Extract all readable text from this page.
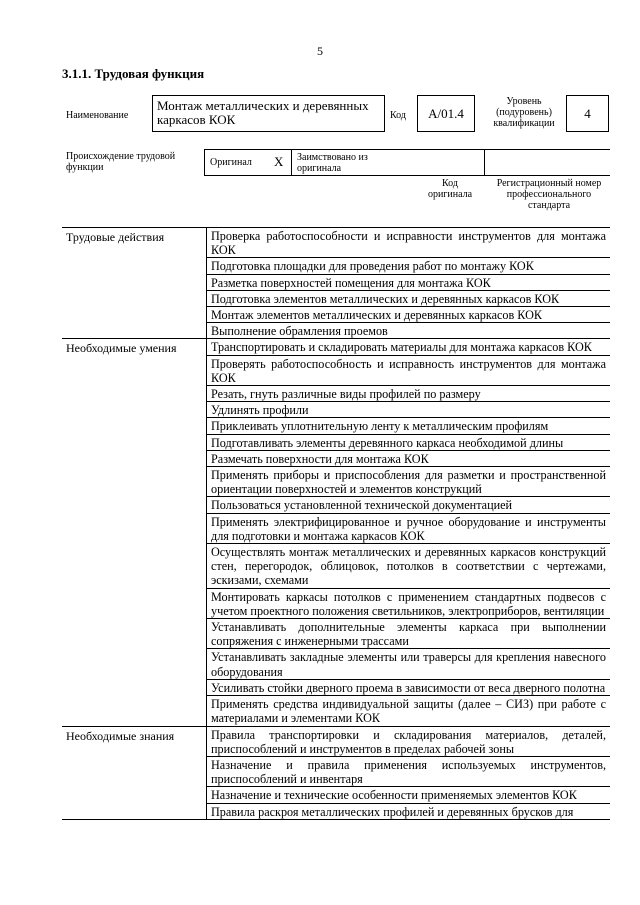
5
3.1.1. Трудовая функция
Наименование
Монтаж металлических и деревянных каркасов КОК	Код	А/01.4
Уровень (подуровень) квалификации
4
Происхождение трудовой функции	Оригинал X Заимствовано из оригинала
Код оригинала
Регистрационный номер профессионального стандарта
Трудовые действия	Проверка работоспособности и исправности инструментов для монтажа КОК
Подготовка площадки для проведения работ по монтажу КОК
Разметка поверхностей помещения для монтажа КОК
Подготовка элементов металлических и деревянных каркасов КОК
Монтаж элементов металлических и деревянных каркасов КОК
Выполнение обрамления проемов
Необходимые умения	Транспортировать и складировать материалы для монтажа каркасов КОК
Проверять работоспособность и исправность инструментов для монтажа КОК
Резать, гнуть различные виды профилей по размеру
Удлинять профили
Приклеивать уплотнительную ленту к металлическим профилям
Подготавливать элементы деревянного каркаса необходимой длины
Размечать поверхности для монтажа КОК
Применять приборы и приспособления для разметки и пространственной ориентации поверхностей и элементов конструкций
Пользоваться установленной технической документацией
Применять электрифицированное и ручное оборудование и инструменты для подготовки и монтажа каркасов КОК
Осуществлять монтаж металлических и деревянных каркасов конструкций стен, перегородок, облицовок, потолков в соответствии с чертежами, эскизами, схемами
Монтировать каркасы потолков с применением стандартных подвесов с учетом проектного положения светильников, электроприборов, вентиляции
Устанавливать дополнительные элементы каркаса при выполнении сопряжения с инженерными трассами
Устанавливать закладные элементы или траверсы для крепления навесного оборудования
Усиливать стойки дверного проема в зависимости от веса дверного полотна
Применять средства индивидуальной защиты (далее – СИЗ) при работе с материалами и элементами КОК
Необходимые знания	Правила транспортировки и складирования материалов, деталей, приспособлений и инструментов в пределах рабочей зоны
Назначение и правила применения используемых инструментов, приспособлений и инвентаря
Назначение и технические особенности применяемых элементов КОК
Правила раскроя металлических профилей и деревянных брусков для
